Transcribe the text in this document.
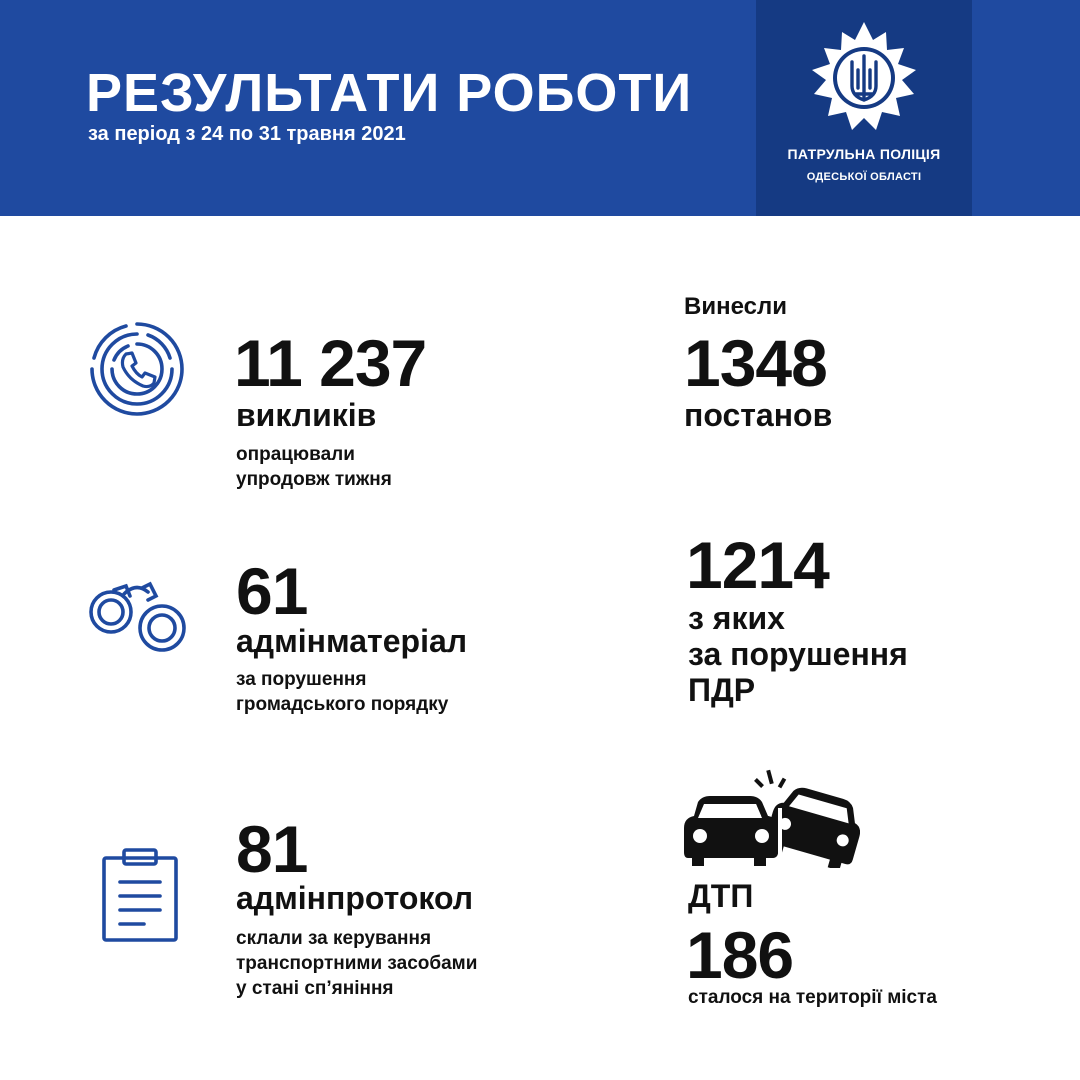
РЕЗУЛЬТАТИ РОБОТИ
за період з 24 по 31 травня 2021
ПАТРУЛЬНА ПОЛІЦІЯ
ОДЕСЬКОЇ ОБЛАСТІ
11 237
викликів
опрацювали
упродовж тижня
61
адмінматеріал
за порушення
громадського порядку
81
адмінпротокол
склали за керування
транспортними засобами
у стані сп’яніння
Винесли
1348
постанов
1214
з яких
за порушення
ПДР
ДТП
186
сталося на території міста
